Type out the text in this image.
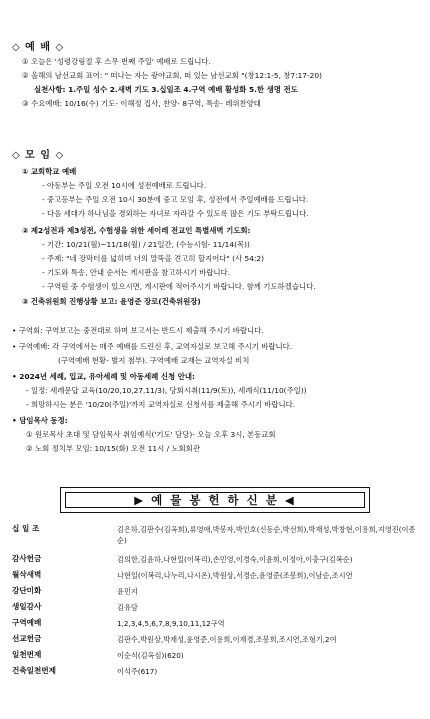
◇ 예 배 ◇
① 오늘은 '성령강림절 후 스무 번째 주일' 예배로 드립니다.
② 올해의 남선교회 표어: " 떠나는 자는 광야교회, 떠 있는 남선교회 "(창12:1-5, 창7:17-20)
실천사항: 1.주일 성수 2.새벽 기도 3.십일조 4.구역 예배 활성화 5.한 생명 전도
③ 수요예배: 10/16(수) 기도- 이해정 집사, 찬양- 8구역, 특송- 레위찬양대
◇ 모 임 ◇
① 교회학교 예배
- 아동부는 주일 오전 10시에 성전예배로 드립니다.
- 중고등부는 주일 오전 10시 30분에 중고 모임 후, 성전에서 주일예배를 드립니다.
- 다음 세대가 하나님을 경외하는 자녀로 자라갈 수 있도록 많은 기도 부탁드립니다.
② 제2성전과 제3성전, 수험생을 위한 세이레 전교인 특별새벽 기도회:
- 기간: 10/21(월)~11/18(월) / 21일간, (수능시험- 11/14(목))
- 주제: "네 장막터를 넓히며 너의 말뚝을 견고히 할지어다" (사 54:2)
- 기도와 특송, 안내 순서는 게시판을 참고하시기 바랍니다.
- 구역원 중 수험생이 있으시면, 게시판에 적어주시기 바랍니다. 함께 기도하겠습니다.
③ 건축위원회 진행상황 보고: 윤영준 장로(건축위원장)
• 구역회: 구역보고는 중전대로 하며 보고서는 반드시 제출해 주시기 바랍니다.
• 구역예배: 각 구역에서는 매주 예배를 드린신 후, 교역자실로 보고해 주시기 바랍니다.
(구역예배 현황- 별지 첨부). 구역예배 교재는 교역자실 비치
• 2024년 세례, 입교, 유아세례 및 아동세례 신청 안내:
- 일정: 세례문답 교육(10/20,10,27,11/3), 당회시취(11/9(토)), 세례식(11/10(주일))
- 희망하시는 분은 '10/20(주일)'까지 교역자실로 신청서를 제출해 주시기 바랍니다.
• 담임목사 동정:
① 원로목사 초대 및 담임목사 취임예식('기도' 담당)- 오늘 오후 3시, 본동교회
② 노회 정치부 모임: 10/15(화) 오전 11시 / 노회회관
▶ 예 물 봉 헌 하 신 분 ◀
십 일 조	김은하,김판수(김옥희),류영애,박봉자,박인호(신동순,박선희),박재성,박창현,이용희,지영진(이종순)
감사헌금	김의한,김윤하,나현일(이복리),손민영,이경숙,이윤희,이정아,이충구(김복순)
월삭새벽	나현일(이복리,나누리,나시온),박원상,서경순,윤영준(조봉희),이남순,조시연
강단미화	윤민지
생일감사	김유담
구역예배	1,2,3,4,5,6,7,8,9,10,11,12구역
선교헌금	김판수,박원상,박재성,윤영준,이용희,이재경,조봉희,조시연,조형기,2여
일천번제	이순식(김옥심)(620)
건축일천번제	이석주(617)
